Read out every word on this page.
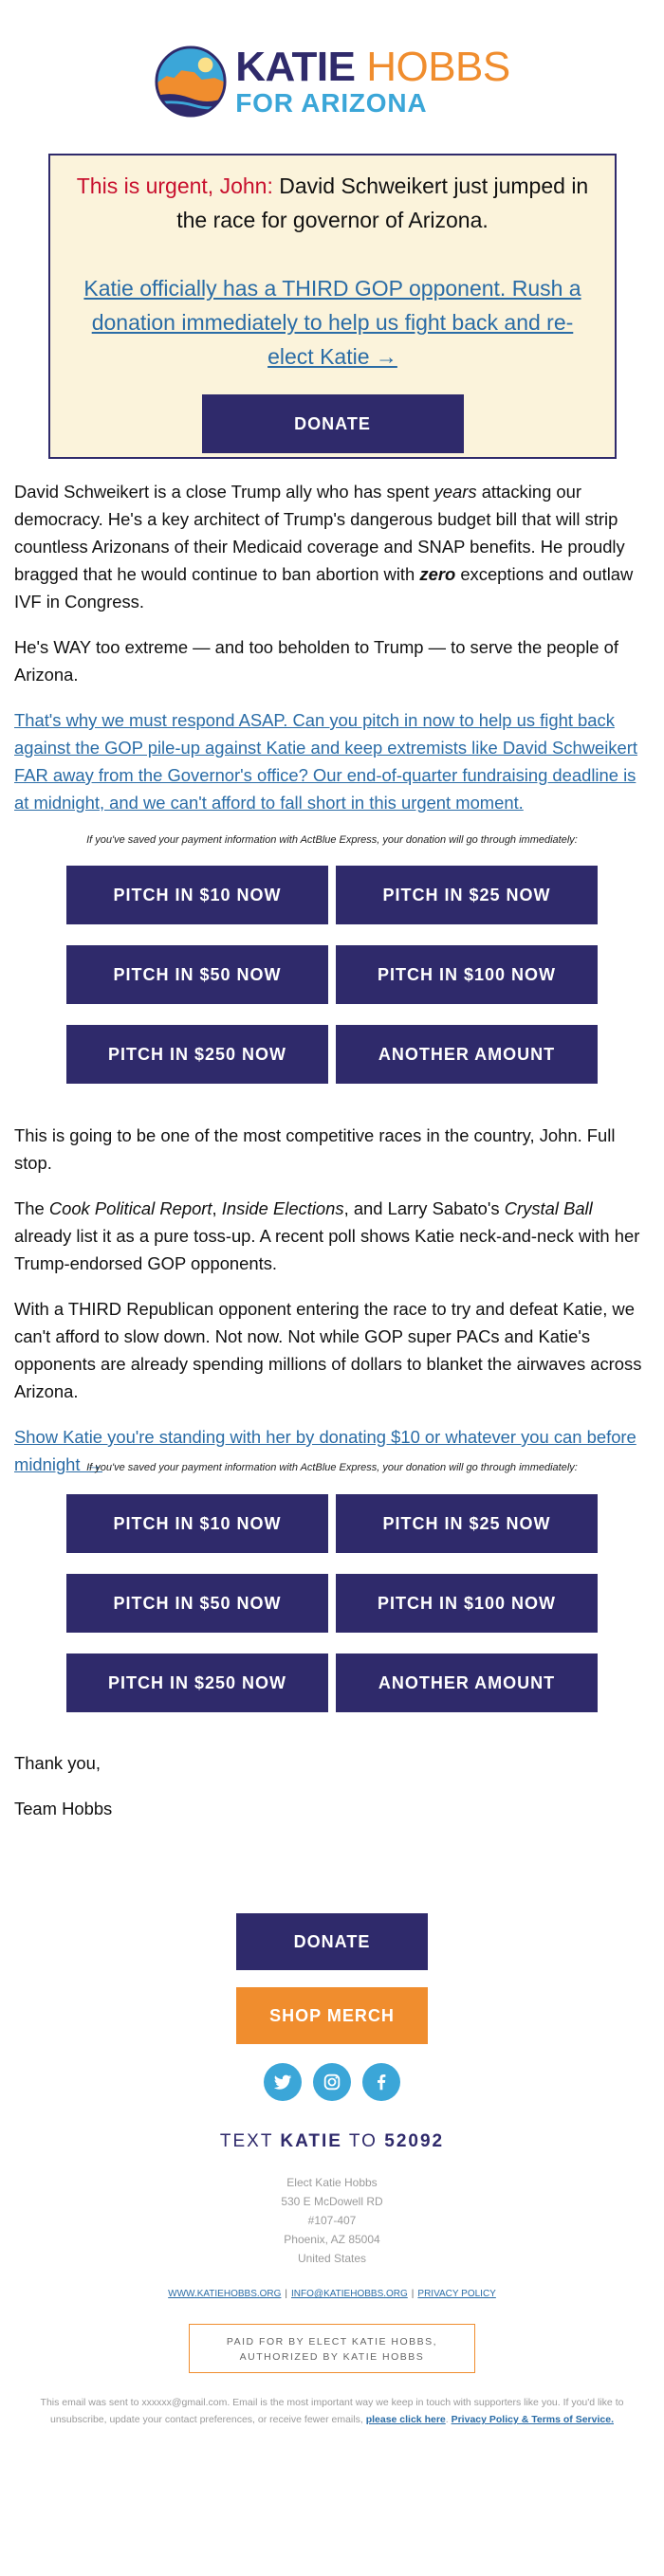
KATIE HOBBS
FOR ARIZONA
This is urgent, John: David Schweikert just jumped in the race for governor of Arizona.
Katie officially has a THIRD GOP opponent. Rush a donation immediately to help us fight back and re-elect Katie →
DONATE

David Schweikert is a close Trump ally who has spent years attacking our democracy. He's a key architect of Trump's dangerous budget bill that will strip countless Arizonans of their Medicaid coverage and SNAP benefits. He proudly bragged that he would continue to ban abortion with zero exceptions and outlaw IVF in Congress.

He's WAY too extreme — and too beholden to Trump — to serve the people of Arizona.

That's why we must respond ASAP. Can you pitch in now to help us fight back against the GOP pile-up against Katie and keep extremists like David Schweikert FAR away from the Governor's office? Our end-of-quarter fundraising deadline is at midnight, and we can't afford to fall short in this urgent moment.

If you've saved your payment information with ActBlue Express, your donation will go through immediately:
PITCH IN $10 NOW	PITCH IN $25 NOW
PITCH IN $50 NOW	PITCH IN $100 NOW
PITCH IN $250 NOW	ANOTHER AMOUNT

This is going to be one of the most competitive races in the country, John. Full stop.

The Cook Political Report, Inside Elections, and Larry Sabato's Crystal Ball already list it as a pure toss-up. A recent poll shows Katie neck-and-neck with her Trump-endorsed GOP opponents.

With a THIRD Republican opponent entering the race to try and defeat Katie, we can't afford to slow down. Not now. Not while GOP super PACs and Katie's opponents are already spending millions of dollars to blanket the airwaves across Arizona.

Show Katie you're standing with her by donating $10 or whatever you can before midnight →

If you've saved your payment information with ActBlue Express, your donation will go through immediately:
PITCH IN $10 NOW	PITCH IN $25 NOW
PITCH IN $50 NOW	PITCH IN $100 NOW
PITCH IN $250 NOW	ANOTHER AMOUNT

Thank you,

Team Hobbs

DONATE
SHOP MERCH
TEXT KATIE TO 52092
Elect Katie Hobbs
530 E McDowell RD
#107-407
Phoenix, AZ 85004
United States
WWW.KATIEHOBBS.ORG | INFO@KATIEHOBBS.ORG | PRIVACY POLICY
PAID FOR BY ELECT KATIE HOBBS,
AUTHORIZED BY KATIE HOBBS
This email was sent to xxxxxx@gmail.com. Email is the most important way we keep in touch with supporters like you. If you'd like to unsubscribe, update your contact preferences, or receive fewer emails, please click here. Privacy Policy & Terms of Service.
